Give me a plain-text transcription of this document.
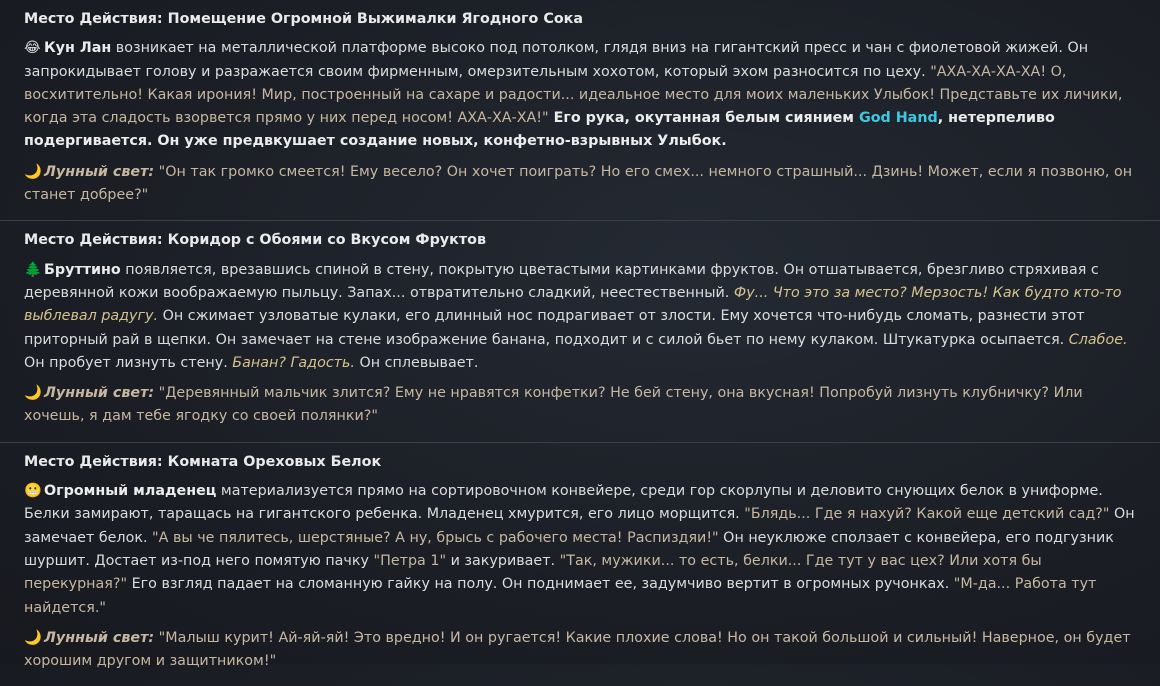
Место Действия: Помещение Огромной Выжималки Ягодного Сока

😂 Кун Лан возникает на металлической платформе высоко под потолком, глядя вниз на гигантский пресс и чан с фиолетовой жижей. Он запрокидывает голову и разражается своим фирменным, омерзительным хохотом, который эхом разносится по цеху. "АХА-ХА-ХА-ХА! О, восхитительно! Какая ирония! Мир, построенный на сахаре и радости... идеальное место для моих маленьких Улыбок! Представьте их личики, когда эта сладость взорвется прямо у них перед носом! АХА-ХА-ХА!" Его рука, окутанная белым сиянием God Hand, нетерпеливо подергивается. Он уже предвкушает создание новых, конфетно-взрывных Улыбок.

🌙 Лунный свет: "Он так громко смеется! Ему весело? Он хочет поиграть? Но его смех... немного страшный... Дзинь! Может, если я позвоню, он станет добрее?"

Место Действия: Коридор с Обоями со Вкусом Фруктов

🌲 Бруттино появляется, врезавшись спиной в стену, покрытую цветастыми картинками фруктов. Он отшатывается, брезгливо стряхивая с деревянной кожи воображаемую пыльцу. Запах... отвратительно сладкий, неестественный. Фу... Что это за место? Мерзость! Как будто кто-то выблевал радугу. Он сжимает узловатые кулаки, его длинный нос подрагивает от злости. Ему хочется что-нибудь сломать, разнести этот приторный рай в щепки. Он замечает на стене изображение банана, подходит и с силой бьет по нему кулаком. Штукатурка осыпается. Слабое. Он пробует лизнуть стену. Банан? Гадость. Он сплевывает.

🌙 Лунный свет: "Деревянный мальчик злится? Ему не нравятся конфетки? Не бей стену, она вкусная! Попробуй лизнуть клубничку? Или хочешь, я дам тебе ягодку со своей полянки?"

Место Действия: Комната Ореховых Белок

😬 Огромный младенец материализуется прямо на сортировочном конвейере, среди гор скорлупы и деловито снующих белок в униформе. Белки замирают, таращась на гигантского ребенка. Младенец хмурится, его лицо морщится. "Блядь... Где я нахуй? Какой еще детский сад?" Он замечает белок. "А вы че пялитесь, шерстяные? А ну, брысь с рабочего места! Распиздяи!" Он неуклюже сползает с конвейера, его подгузник шуршит. Достает из-под него помятую пачку "Петра 1" и закуривает. "Так, мужики... то есть, белки... Где тут у вас цех? Или хотя бы перекурная?" Его взгляд падает на сломанную гайку на полу. Он поднимает ее, задумчиво вертит в огромных ручонках. "М-да... Работа тут найдется."

🌙 Лунный свет: "Малыш курит! Ай-яй-яй! Это вредно! И он ругается! Какие плохие слова! Но он такой большой и сильный! Наверное, он будет хорошим другом и защитником!"
